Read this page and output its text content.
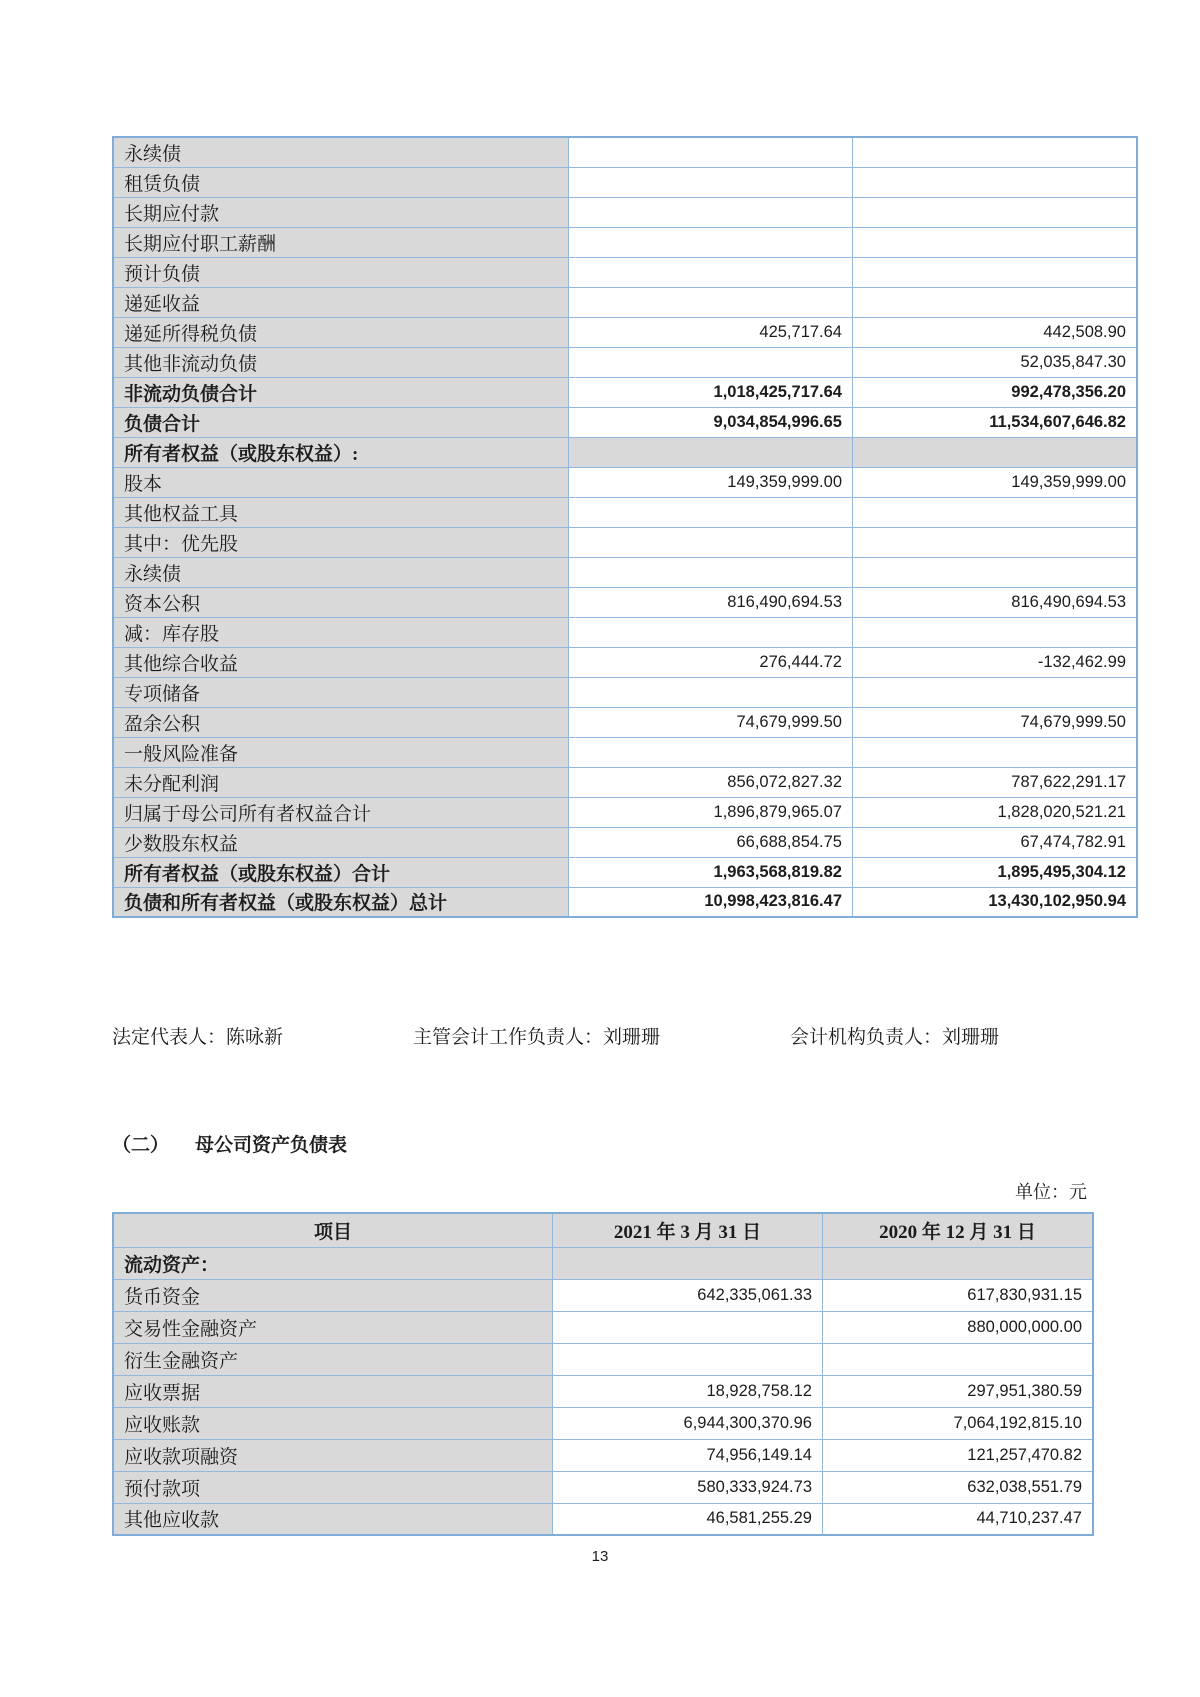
永续债		
租赁负债		
长期应付款		
长期应付职工薪酬		
预计负债		
递延收益		
递延所得税负债	425,717.64	442,508.90
其他非流动负债		52,035,847.30
非流动负债合计	1,018,425,717.64	992,478,356.20
负债合计	9,034,854,996.65	11,534,607,646.82
所有者权益（或股东权益）:		
股本	149,359,999.00	149,359,999.00
其他权益工具		
其中：优先股		
永续债		
资本公积	816,490,694.53	816,490,694.53
减：库存股		
其他综合收益	276,444.72	-132,462.99
专项储备		
盈余公积	74,679,999.50	74,679,999.50
一般风险准备		
未分配利润	856,072,827.32	787,622,291.17
归属于母公司所有者权益合计	1,896,879,965.07	1,828,020,521.21
少数股东权益	66,688,854.75	67,474,782.91
所有者权益（或股东权益）合计	1,963,568,819.82	1,895,495,304.12
负债和所有者权益（或股东权益）总计	10,998,423,816.47	13,430,102,950.94
法定代表人：陈咏新	主管会计工作负责人：刘珊珊	会计机构负责人：刘珊珊
（二） 母公司资产负债表
单位：元
项目	2021 年 3 月 31 日	2020 年 12 月 31 日
流动资产：		
货币资金	642,335,061.33	617,830,931.15
交易性金融资产		880,000,000.00
衍生金融资产		
应收票据	18,928,758.12	297,951,380.59
应收账款	6,944,300,370.96	7,064,192,815.10
应收款项融资	74,956,149.14	121,257,470.82
预付款项	580,333,924.73	632,038,551.79
其他应收款	46,581,255.29	44,710,237.47
13
